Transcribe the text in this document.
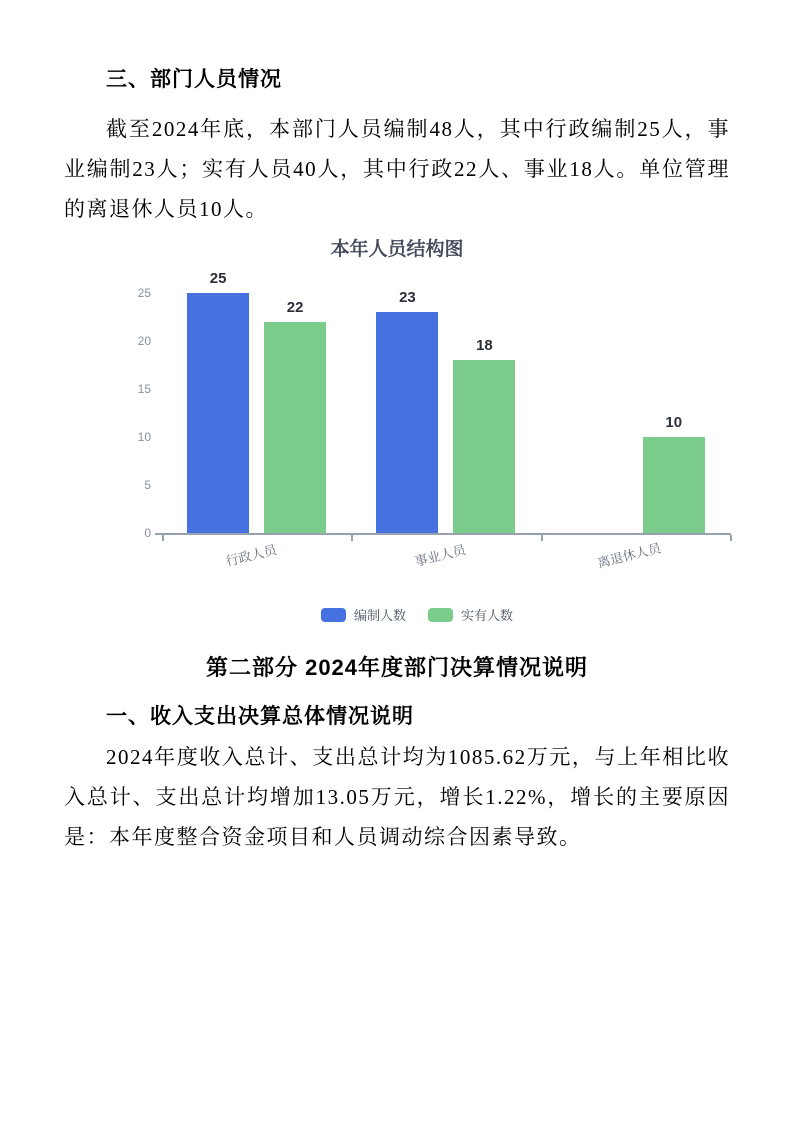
三、部门人员情况

截至2024年底，本部门人员编制48人，其中行政编制25人，事业编制23人；实有人员40人，其中行政22人、事业18人。单位管理的离退休人员10人。

本年人员结构图
25
22
行政人员
23
18
事业人员
10
离退休人员
0
5
10
15
20
25
编制人数	实有人数
第二部分 2024年度部门决算情况说明
一、收入支出决算总体情况说明

2024年度收入总计、支出总计均为1085.62万元，与上年相比收入总计、支出总计均增加13.05万元，增长1.22%，增长的主要原因是：本年度整合资金项目和人员调动综合因素导致。
